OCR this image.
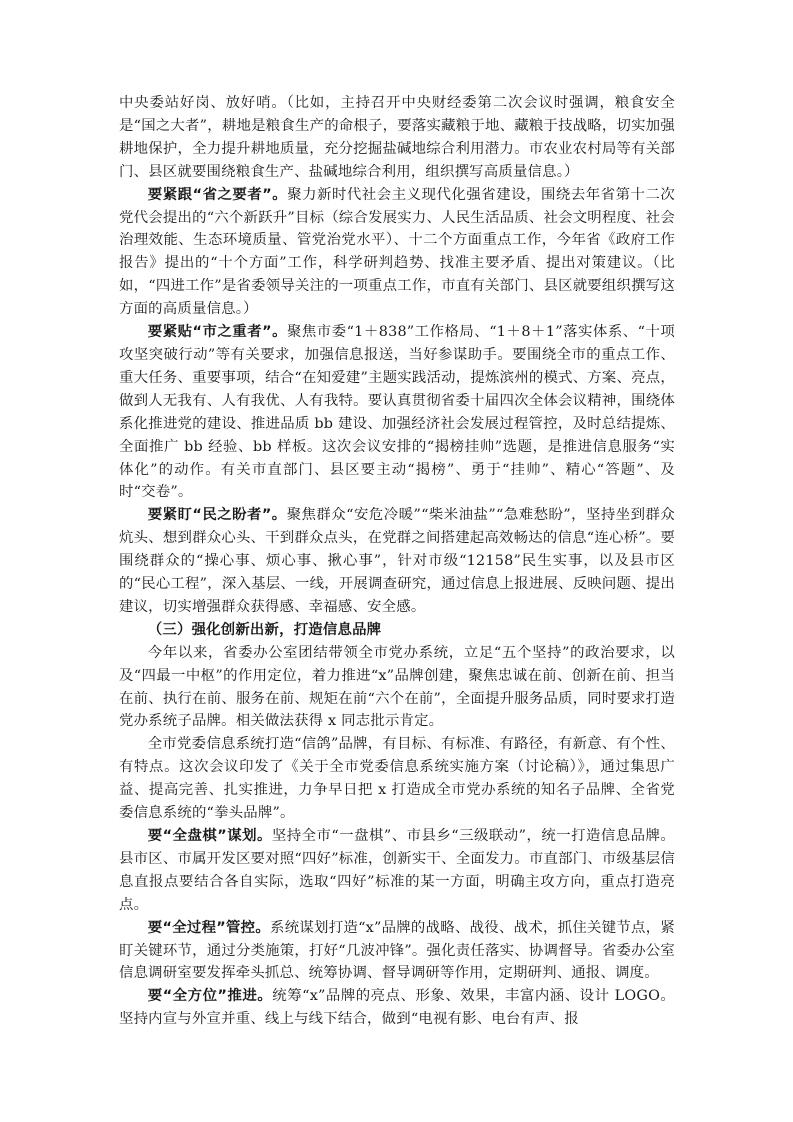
中央委站好岗、放好哨。（比如，主持召开中央财经委第二次会议时强调，粮食安全是“国之大者”，耕地是粮食生产的命根子，要落实藏粮于地、藏粮于技战略，切实加强耕地保护，全力提升耕地质量，充分挖掘盐碱地综合利用潜力。市农业农村局等有关部门、县区就要围绕粮食生产、盐碱地综合利用，组织撰写高质量信息。）

要紧跟“省之要者”。聚力新时代社会主义现代化强省建设，围绕去年省第十二次党代会提出的“六个新跃升”目标（综合发展实力、人民生活品质、社会文明程度、社会治理效能、生态环境质量、管党治党水平）、十二个方面重点工作，今年省《政府工作报告》提出的“十个方面”工作，科学研判趋势、找准主要矛盾、提出对策建议。（比如，“四进工作”是省委领导关注的一项重点工作，市直有关部门、县区就要组织撰写这方面的高质量信息。）

要紧贴“市之重者”。聚焦市委“1＋838”工作格局、“1＋8＋1”落实体系、“十项攻坚突破行动”等有关要求，加强信息报送，当好参谋助手。要围绕全市的重点工作、重大任务、重要事项，结合“在知爱建”主题实践活动，提炼滨州的模式、方案、亮点，做到人无我有、人有我优、人有我特。要认真贯彻省委十届四次全体会议精神，围绕体系化推进党的建设、推进品质 bb 建设、加强经济社会发展过程管控，及时总结提炼、全面推广 bb 经验、bb 样板。这次会议安排的“揭榜挂帅”选题，是推进信息服务“实体化”的动作。有关市直部门、县区要主动“揭榜”、勇于“挂帅”、精心“答题”、及时“交卷”。

要紧盯“民之盼者”。聚焦群众“安危冷暖”“柴米油盐”“急难愁盼”，坚持坐到群众炕头、想到群众心头、干到群众点头，在党群之间搭建起高效畅达的信息“连心桥”。要围绕群众的“操心事、烦心事、揪心事”，针对市级“12158”民生实事，以及县市区的“民心工程”，深入基层、一线，开展调查研究，通过信息上报进展、反映问题、提出建议，切实增强群众获得感、幸福感、安全感。

（三）强化创新出新，打造信息品牌

今年以来，省委办公室团结带领全市党办系统，立足“五个坚持”的政治要求，以及“四最一中枢”的作用定位，着力推进“x”品牌创建，聚焦忠诚在前、创新在前、担当在前、执行在前、服务在前、规矩在前“六个在前”，全面提升服务品质，同时要求打造党办系统子品牌。相关做法获得 x 同志批示肯定。

全市党委信息系统打造“信鸽”品牌，有目标、有标准、有路径，有新意、有个性、有特点。这次会议印发了《关于全市党委信息系统实施方案（讨论稿）》，通过集思广益、提高完善、扎实推进，力争早日把 x 打造成全市党办系统的知名子品牌、全省党委信息系统的“拳头品牌”。

要“全盘棋”谋划。坚持全市“一盘棋”、市县乡“三级联动”，统一打造信息品牌。县市区、市属开发区要对照“四好”标准，创新实干、全面发力。市直部门、市级基层信息直报点要结合各自实际，选取“四好”标准的某一方面，明确主攻方向，重点打造亮点。

要“全过程”管控。系统谋划打造“x”品牌的战略、战役、战术，抓住关键节点，紧盯关键环节，通过分类施策，打好“几波冲锋”。强化责任落实、协调督导。省委办公室信息调研室要发挥牵头抓总、统筹协调、督导调研等作用，定期研判、通报、调度。

要“全方位”推进。统筹“x”品牌的亮点、形象、效果，丰富内涵、设计 LOGO。坚持内宣与外宣并重、线上与线下结合，做到“电视有影、电台有声、报
